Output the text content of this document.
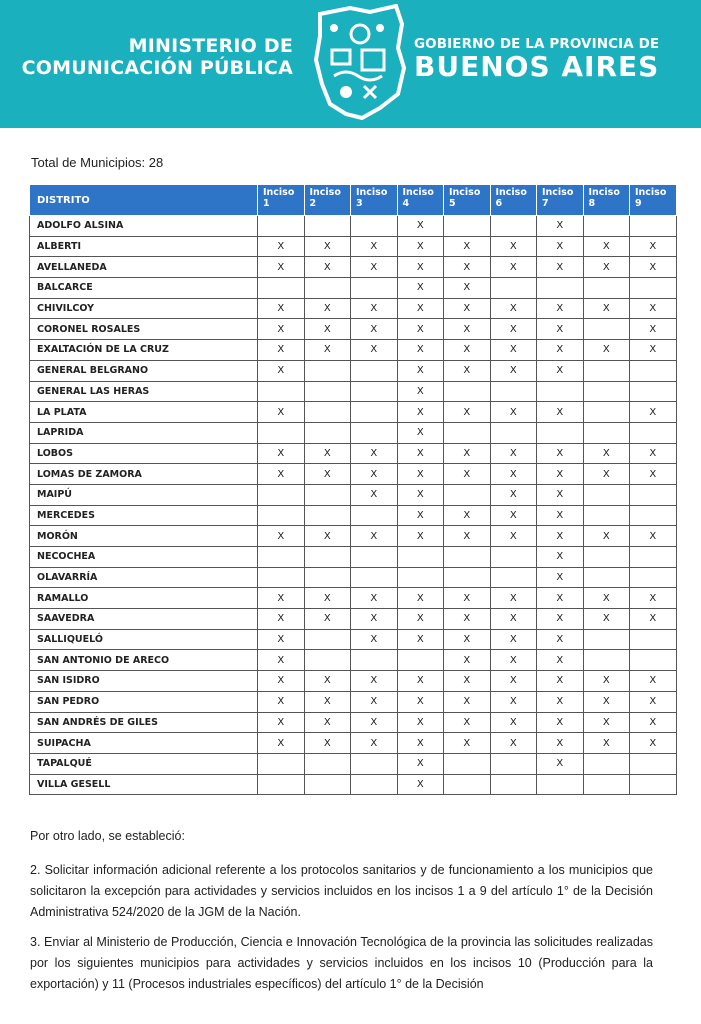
MINISTERIO DE
COMUNICACIÓN PÚBLICA
GOBIERNO DE LA PROVINCIA DE
BUENOS AIRES
Total de Municipios: 28
DISTRITO	Inciso 1	Inciso 2	Inciso 3	Inciso 4	Inciso 5	Inciso 6	Inciso 7	Inciso 8	Inciso 9
ADOLFO ALSINA				X			X		
ALBERTI	X	X	X	X	X	X	X	X	X
AVELLANEDA	X	X	X	X	X	X	X	X	X
BALCARCE				X	X				
CHIVILCOY	X	X	X	X	X	X	X	X	X
CORONEL ROSALES	X	X	X	X	X	X	X		X
EXALTACIÓN DE LA CRUZ	X	X	X	X	X	X	X	X	X
GENERAL BELGRANO	X			X	X	X	X		
GENERAL LAS HERAS				X					
LA PLATA	X			X	X	X	X		X
LAPRIDA				X					
LOBOS	X	X	X	X	X	X	X	X	X
LOMAS DE ZAMORA	X	X	X	X	X	X	X	X	X
MAIPÚ			X	X		X	X		
MERCEDES				X	X	X	X		
MORÓN	X	X	X	X	X	X	X	X	X
NECOCHEA							X		
OLAVARRÍA							X		
RAMALLO	X	X	X	X	X	X	X	X	X
SAAVEDRA	X	X	X	X	X	X	X	X	X
SALLIQUELÓ	X		X	X	X	X	X		
SAN ANTONIO DE ARECO	X				X	X	X		
SAN ISIDRO	X	X	X	X	X	X	X	X	X
SAN PEDRO	X	X	X	X	X	X	X	X	X
SAN ANDRÉS DE GILES	X	X	X	X	X	X	X	X	X
SUIPACHA	X	X	X	X	X	X	X	X	X
TAPALQUÉ				X			X		
VILLA GESELL				X					
Por otro lado, se estableció:
2. Solicitar información adicional referente a los protocolos sanitarios y de funcionamiento a los municipios que solicitaron la excepción para actividades y servicios incluidos en los incisos 1 a 9 del artículo 1° de la Decisión Administrativa 524/2020 de la JGM de la Nación.
3. Enviar al Ministerio de Producción, Ciencia e Innovación Tecnológica de la provincia las solicitudes realizadas por los siguientes municipios para actividades y servicios incluidos en los incisos 10 (Producción para la exportación) y 11 (Procesos industriales específicos) del artículo 1° de la Decisión
